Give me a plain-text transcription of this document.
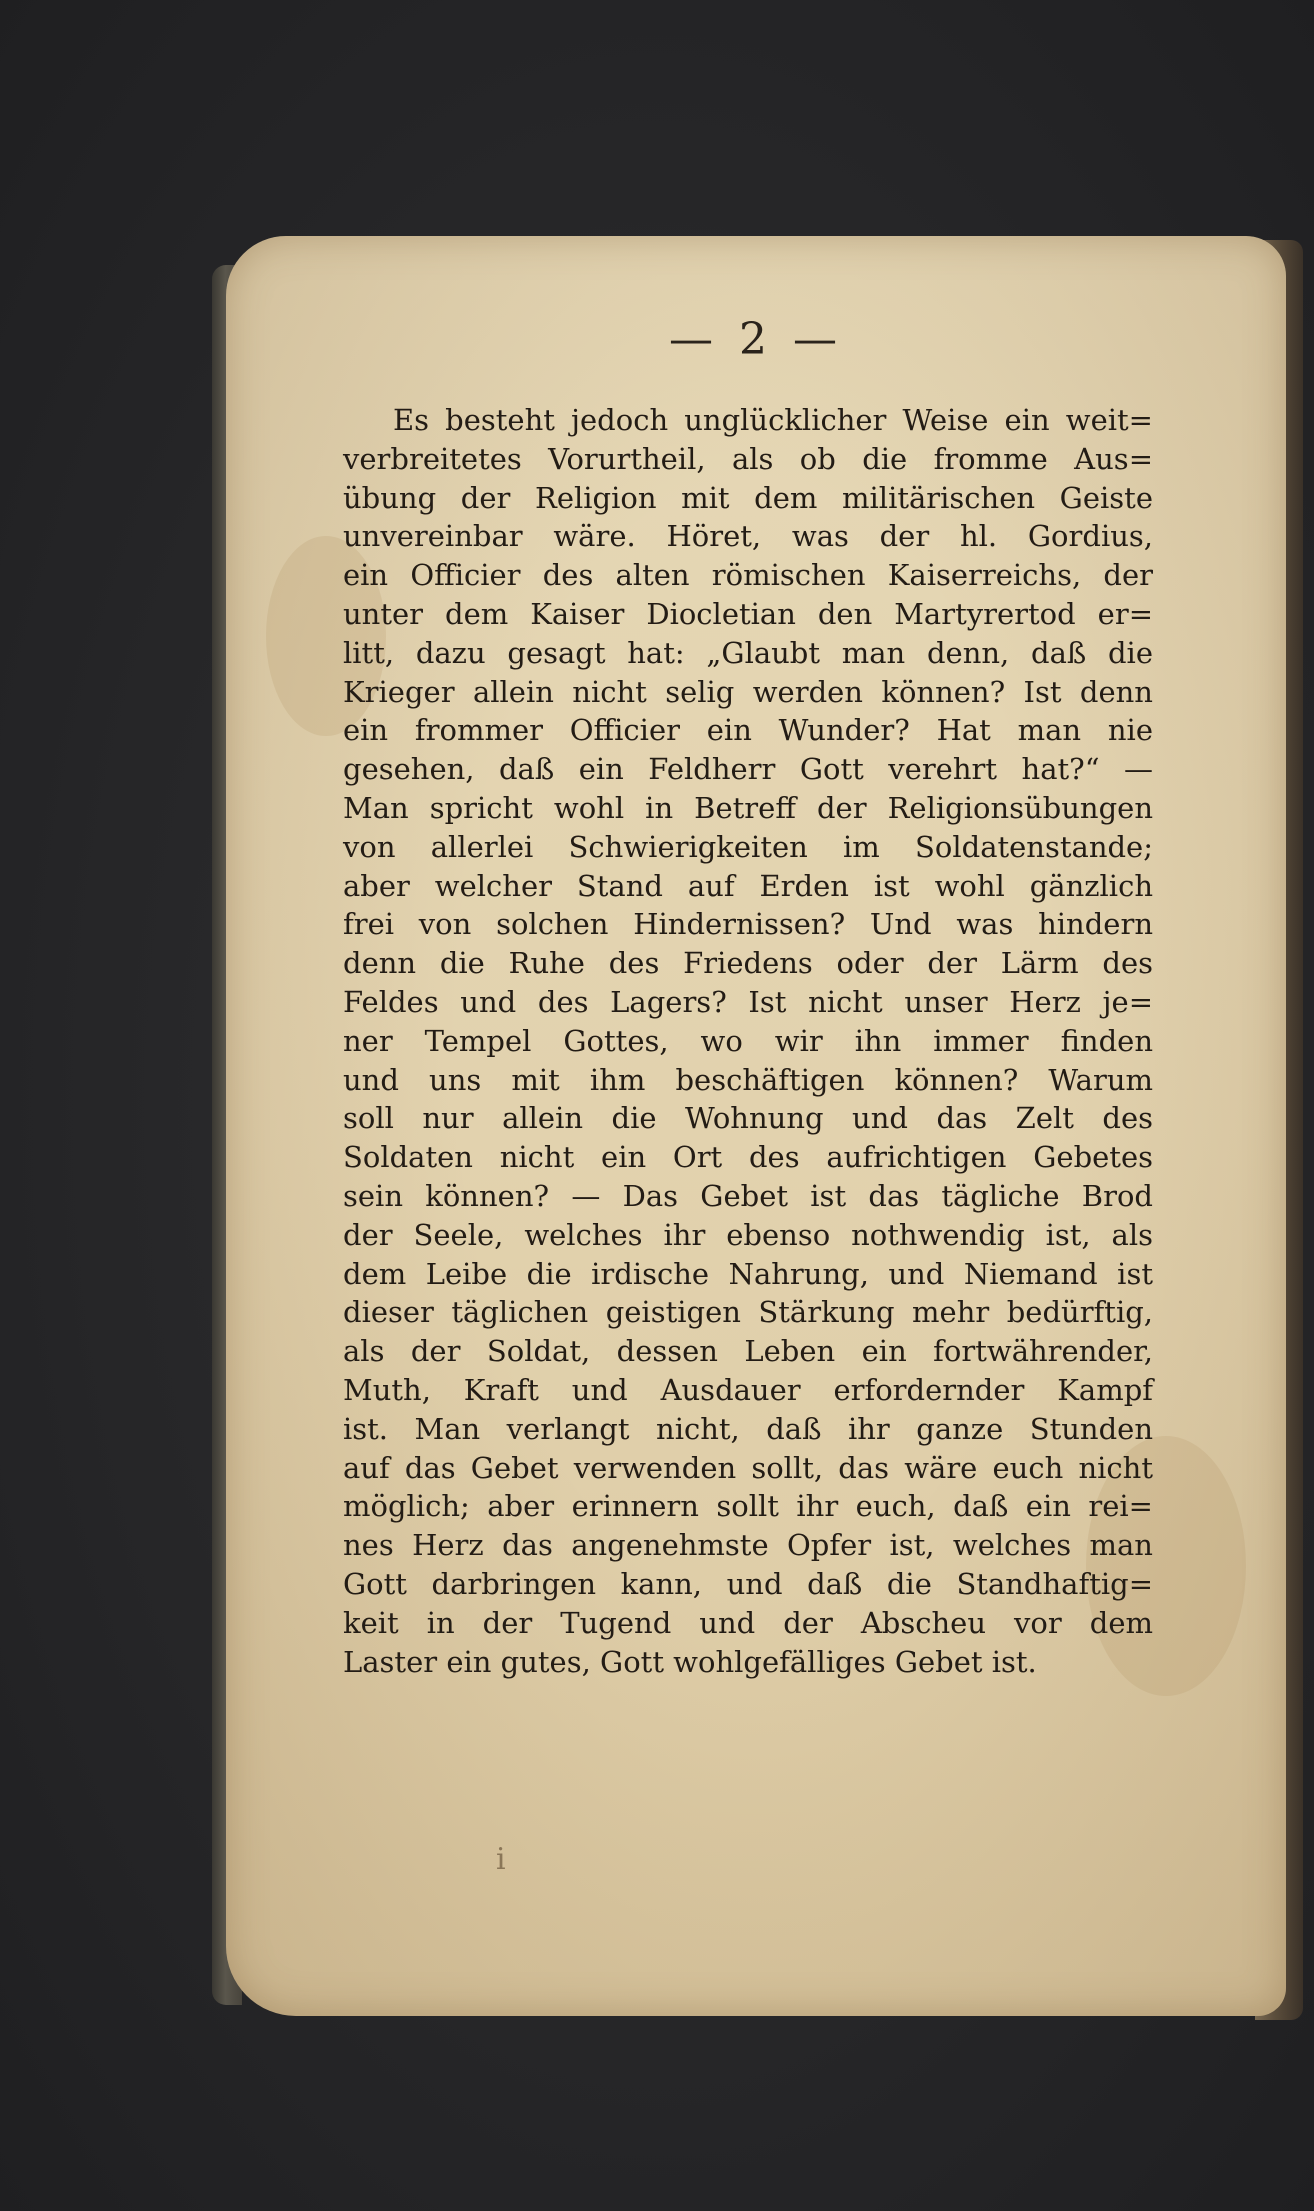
— 2 —
Es besteht jedoch unglücklicher Weise ein weit=
verbreitetes Vorurtheil, als ob die fromme Aus=
übung der Religion mit dem militärischen Geiste
unvereinbar wäre. Höret, was der hl. Gordius,
ein Officier des alten römischen Kaiserreichs, der
unter dem Kaiser Diocletian den Martyrertod er=
litt, dazu gesagt hat: „Glaubt man denn, daß die
Krieger allein nicht selig werden können? Ist denn
ein frommer Officier ein Wunder? Hat man nie
gesehen, daß ein Feldherr Gott verehrt hat?“ —
Man spricht wohl in Betreff der Religionsübungen
von allerlei Schwierigkeiten im Soldatenstande;
aber welcher Stand auf Erden ist wohl gänzlich
frei von solchen Hindernissen? Und was hindern
denn die Ruhe des Friedens oder der Lärm des
Feldes und des Lagers? Ist nicht unser Herz je=
ner Tempel Gottes, wo wir ihn immer finden
und uns mit ihm beschäftigen können? Warum
soll nur allein die Wohnung und das Zelt des
Soldaten nicht ein Ort des aufrichtigen Gebetes
sein können? — Das Gebet ist das tägliche Brod
der Seele, welches ihr ebenso nothwendig ist, als
dem Leibe die irdische Nahrung, und Niemand ist
dieser täglichen geistigen Stärkung mehr bedürftig,
als der Soldat, dessen Leben ein fortwährender,
Muth, Kraft und Ausdauer erfordernder Kampf
ist. Man verlangt nicht, daß ihr ganze Stunden
auf das Gebet verwenden sollt, das wäre euch nicht
möglich; aber erinnern sollt ihr euch, daß ein rei=
nes Herz das angenehmste Opfer ist, welches man
Gott darbringen kann, und daß die Standhaftig=
keit in der Tugend und der Abscheu vor dem
Laster ein gutes, Gott wohlgefälliges Gebet ist.
i
